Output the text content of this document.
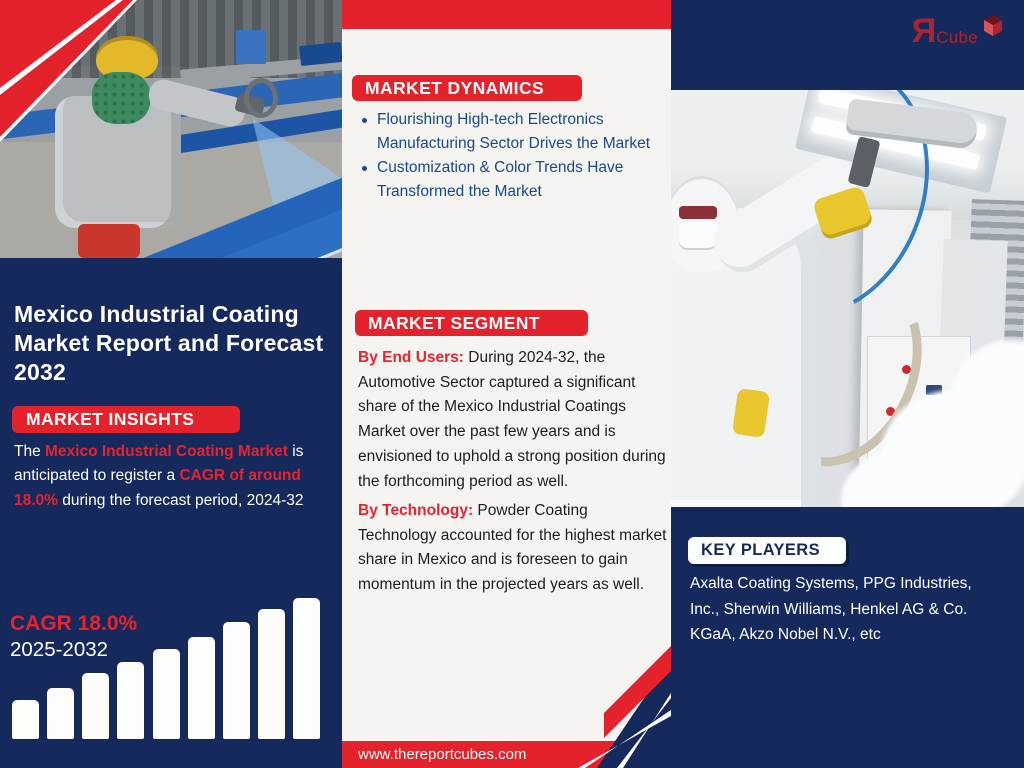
Mexico Industrial Coating Market Report and Forecast 2032
MARKET INSIGHTS

The Mexico Industrial Coating Market is anticipated to register a CAGR of around 18.0% during the forecast period, 2024-32

CAGR 18.0%
2025-2032
MARKET DYNAMICS
Flourishing High-tech Electronics Manufacturing Sector Drives the Market
Customization & Color Trends Have Transformed the Market
MARKET SEGMENT

By End Users: During 2024-32, the Automotive Sector captured a significant share of the Mexico Industrial Coatings Market over the past few years and is envisioned to uphold a strong position during the forthcoming period as well.

By Technology: Powder Coating Technology accounted for the highest market share in Mexico and is foreseen to gain momentum in the projected years as well.

www.thereportcubes.com
Я Cube
KEY PLAYERS

Axalta Coating Systems, PPG Industries, Inc., Sherwin Williams, Henkel AG & Co. KGaA, Akzo Nobel N.V., etc
